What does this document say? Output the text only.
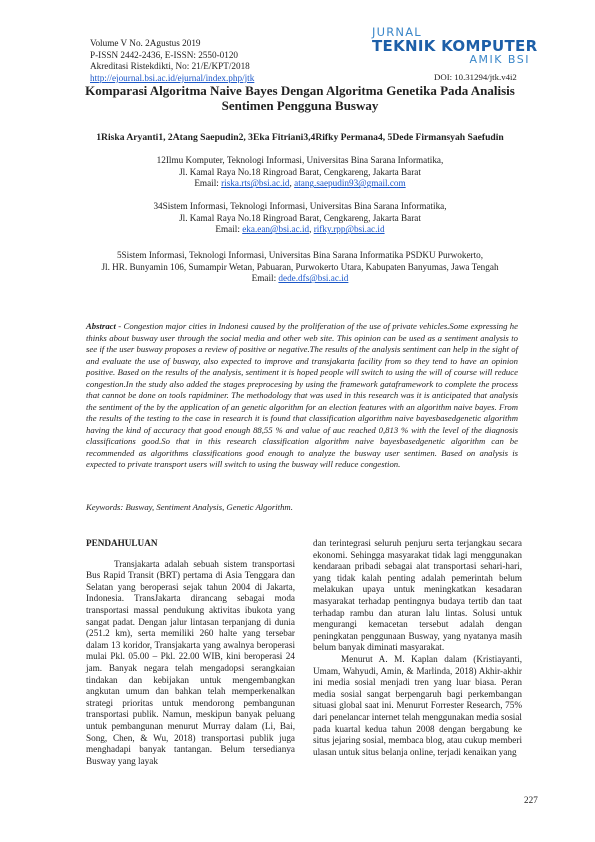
Volume V No. 2Agustus 2019
P-ISSN 2442-2436, E-ISSN: 2550-0120
Akreditasi Ristekdikti, No: 21/E/KPT/2018
http://ejournal.bsi.ac.id/ejurnal/index.php/jtk
JURNAL
TEKNIK KOMPUTER
AMIK BSI
DOI: 10.31294/jtk.v4i2
Komparasi Algoritma Naive Bayes Dengan Algoritma Genetika Pada Analisis Sentimen Pengguna Busway
1Riska Aryanti1, 2Atang Saepudin2, 3Eka Fitriani3,4Rifky Permana4, 5Dede Firmansyah Saefudin
12Ilmu Komputer, Teknologi Informasi, Universitas Bina Sarana Informatika,
Jl. Kamal Raya No.18 Ringroad Barat, Cengkareng, Jakarta Barat
Email: riska.rts@bsi.ac.id, atang.saepudin93@gmail.com
34Sistem Informasi, Teknologi Informasi, Universitas Bina Sarana Informatika,
Jl. Kamal Raya No.18 Ringroad Barat, Cengkareng, Jakarta Barat
Email: eka.ean@bsi.ac.id, rifky.rpp@bsi.ac.id
5Sistem Informasi, Teknologi Informasi, Universitas Bina Sarana Informatika PSDKU Purwokerto,
Jl. HR. Bunyamin 106, Sumampir Wetan, Pabuaran, Purwokerto Utara, Kabupaten Banyumas, Jawa Tengah
Email: dede.dfs@bsi.ac.id
Abstract - Congestion major cities in Indonesi caused by the proliferation of the use of private vehicles.Some expressing he thinks about busway user through the social media and other web site. This opinion can be used as a sentiment analysis to see if the user busway proposes a review of positive or negative.The results of the analysis sentiment can help in the sight of and evaluate the use of busway, also expected to improve and transjakarta facility from so they tend to have an opinion positive. Based on the results of the analysis, sentiment it is hoped people will switch to using the will of course will reduce congestion.In the study also added the stages preprocesing by using the framework gataframework to complete the process that cannot be done on tools rapidminer. The methodology that was used in this research was it is anticipated that analysis the sentiment of the by the application of an genetic algorithm for an election features with an algorithm naive bayes. From the results of the testing to the case in research it is found that classification algorithm naive bayesbasedgenetic algorithm having the kind of accuracy that good enough 88,55 % and value of auc reached 0,813 % with the level of the diagnosis classifications good.So that in this research classification algorithm naive bayesbasedgenetic algorithm can be recommended as algorithms classifications good enough to analyze the busway user sentimen. Based on analysis is expected to private transport users will switch to using the busway will reduce congestion.
Keywords: Busway, Sentiment Analysis, Genetic Algorithm.
PENDAHULUAN

Transjakarta adalah sebuah sistem transportasi Bus Rapid Transit (BRT) pertama di Asia Tenggara dan Selatan yang beroperasi sejak tahun 2004 di Jakarta, Indonesia. TransJakarta dirancang sebagai moda transportasi massal pendukung aktivitas ibukota yang sangat padat. Dengan jalur lintasan terpanjang di dunia (251.2 km), serta memiliki 260 halte yang tersebar dalam 13 koridor, Transjakarta yang awalnya beroperasi mulai Pkl. 05.00 – Pkl. 22.00 WIB, kini beroperasi 24 jam. Banyak negara telah mengadopsi serangkaian tindakan dan kebijakan untuk mengembangkan angkutan umum dan bahkan telah memperkenalkan strategi prioritas untuk mendorong pembangunan transportasi publik. Namun, meskipun banyak peluang untuk pembangunan menurut Murray dalam (Li, Bai, Song, Chen, & Wu, 2018) transportasi publik juga menghadapi banyak tantangan. Belum tersedianya Busway yang layak

dan terintegrasi seluruh penjuru serta terjangkau secara ekonomi. Sehingga masyarakat tidak lagi menggunakan kendaraan pribadi sebagai alat transportasi sehari-hari, yang tidak kalah penting adalah pemerintah belum melakukan upaya untuk meningkatkan kesadaran masyarakat terhadap pentingnya budaya tertib dan taat terhadap rambu dan aturan lalu lintas. Solusi untuk mengurangi kemacetan tersebut adalah dengan peningkatan penggunaan Busway, yang nyatanya masih belum banyak diminati masyarakat.

Menurut A. M. Kaplan dalam (Kristiayanti, Umam, Wahyudi, Amin, & Marlinda, 2018) Akhir-akhir ini media sosial menjadi tren yang luar biasa. Peran media sosial sangat berpengaruh bagi perkembangan situasi global saat ini. Menurut Forrester Research, 75% dari penelancar internet telah menggunakan media sosial pada kuartal kedua tahun 2008 dengan bergabung ke situs jejaring sosial, membaca blog, atau cukup memberi ulasan untuk situs belanja online, terjadi kenaikan yang

227
